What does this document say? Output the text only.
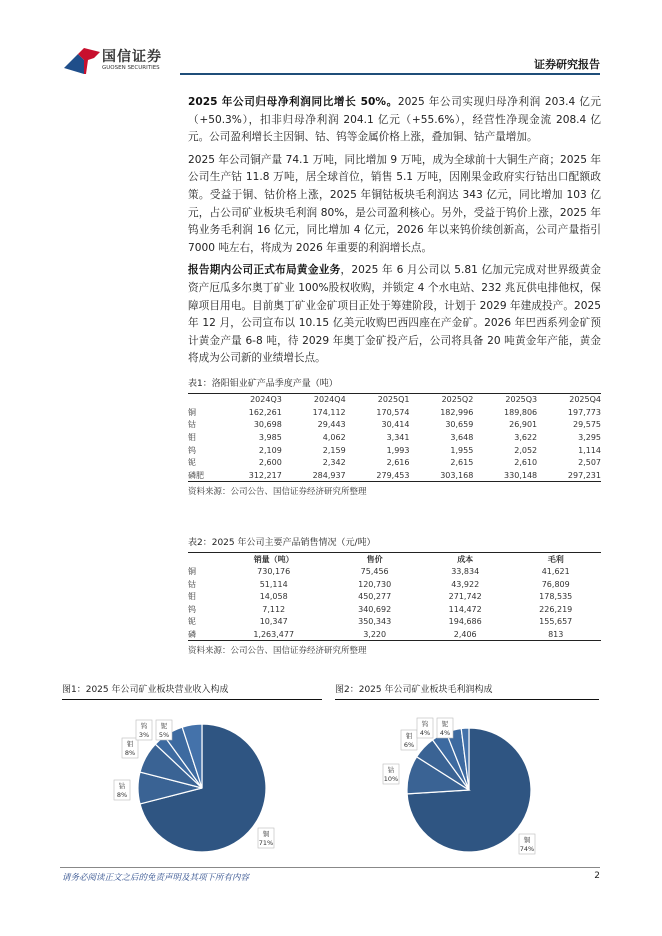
国信证券
GUOSEN SECURITIES	证券研究报告

2025 年公司归母净利润同比增长 50%。2025 年公司实现归母净利润 203.4 亿元（+50.3%），扣非归母净利润 204.1 亿元（+55.6%），经营性净现金流 208.4 亿元。公司盈利增长主因铜、钴、钨等金属价格上涨，叠加铜、钴产量增加。

2025 年公司铜产量 74.1 万吨，同比增加 9 万吨，成为全球前十大铜生产商；2025 年公司生产钴 11.8 万吨，居全球首位，销售 5.1 万吨，因刚果金政府实行钴出口配额政策。受益于铜、钴价格上涨，2025 年铜钴板块毛利润达 343 亿元，同比增加 103 亿元，占公司矿业板块毛利润 80%，是公司盈利核心。另外，受益于钨价上涨，2025 年钨业务毛利润 16 亿元，同比增加 4 亿元，2026 年以来钨价续创新高，公司产量指引 7000 吨左右，将成为 2026 年重要的利润增长点。

报告期内公司正式布局黄金业务，2025 年 6 月公司以 5.81 亿加元完成对世界级黄金资产厄瓜多尔奥丁矿业 100%股权收购，并锁定 4 个水电站、232 兆瓦供电排他权，保障项目用电。目前奥丁矿业金矿项目正处于筹建阶段，计划于 2029 年建成投产。2025 年 12 月，公司宣布以 10.15 亿美元收购巴西四座在产金矿。2026 年巴西系列金矿预计黄金产量 6-8 吨，待 2029 年奥丁金矿投产后，公司将具备 20 吨黄金年产能，黄金将成为公司新的业绩增长点。

表1：洛阳钼业矿产品季度产量（吨）
	2024Q3	2024Q4	2025Q1	2025Q2	2025Q3	2025Q4
铜	162,261	174,112	170,574	182,996	189,806	197,773
钴	30,698	29,443	30,414	30,659	26,901	29,575
钼	3,985	4,062	3,341	3,648	3,622	3,295
钨	2,109	2,159	1,993	1,955	2,052	1,114
铌	2,600	2,342	2,616	2,615	2,610	2,507
磷肥	312,217	284,937	279,453	303,168	330,148	297,231
资料来源：公司公告、国信证券经济研究所整理
表2：2025 年公司主要产品销售情况（元/吨）
	销量（吨）	售价	成本	毛利
铜	730,176	75,456	33,834	41,621
钴	51,114	120,730	43,922	76,809
钼	14,058	450,277	271,742	178,535
钨	7,112	340,692	114,472	226,219
铌	10,347	350,343	194,686	155,657
磷	1,263,477	3,220	2,406	813
资料来源：公司公告、国信证券经济研究所整理
图1：2025 年公司矿业板块营业收入构成
铜
71%
钴
8%
钼
8%
钨
3%
铌
5%
图2：2025 年公司矿业板块毛利润构成
铜
74%
钴
10%
钼
6%
钨
4%
铌
4%
请务必阅读正文之后的免责声明及其项下所有内容	2
